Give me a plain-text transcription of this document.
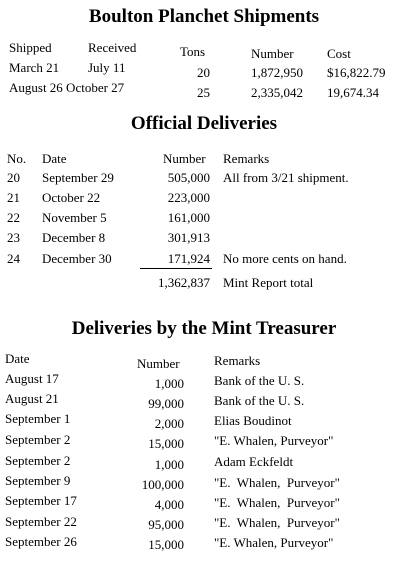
Boulton Planchet Shipments
Shipped	Received	Tons	Number	Cost
March 21 July 11	20	1,872,950 $16,822.79
August 26 October 27	25	2,335,042 19,674.34
Official Deliveries
No. Date	Number Remarks
20 September 29	505,000 All from 3/21 shipment.
21 October 22	223,000
22 November 5	161,000
23 December 8	301,913
24 December 30	171,924 No more cents on hand.
1,362,837 Mint Report total
Deliveries by the Mint Treasurer
Date	Number	Remarks
August 17	1,000 Bank of the U. S.
August 21	99,000 Bank of the U. S.
September 1	2,000 Elias Boudinot
September 2	15,000 "E. Whalen, Purveyor"
September 2	1,000 Adam Eckfeldt
September 9	100,000 "E.  Whalen,  Purveyor"
September 17	4,000 "E.  Whalen,  Purveyor"
September 22	95,000 "E.  Whalen,  Purveyor"
September 26	15,000 "E. Whalen, Purveyor"
